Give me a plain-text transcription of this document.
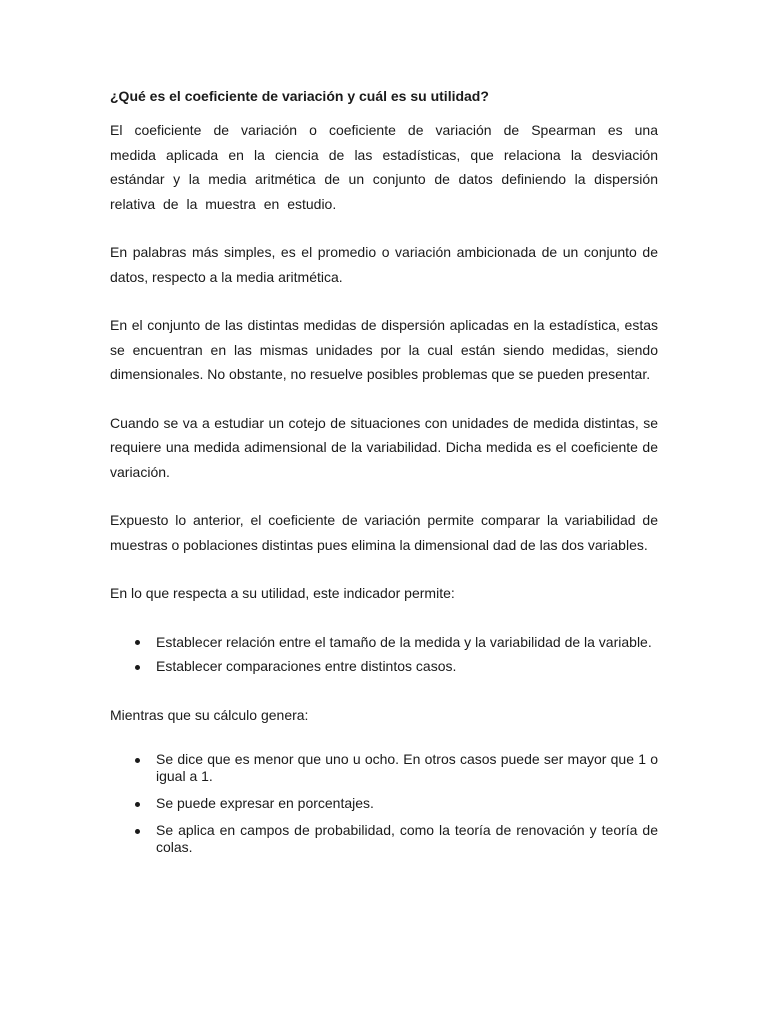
¿Qué es el coeficiente de variación y cuál es su utilidad?

El coeficiente de variación o coeficiente de variación de Spearman es una medida aplicada en la ciencia de las estadísticas, que relaciona la desviación estándar y la media aritmética de un conjunto de datos definiendo la dispersión relativa de la muestra en estudio.

En palabras más simples, es el promedio o variación ambicionada de un conjunto de datos, respecto a la media aritmética.

En el conjunto de las distintas medidas de dispersión aplicadas en la estadística, estas se encuentran en las mismas unidades por la cual están siendo medidas, siendo dimensionales. No obstante, no resuelve posibles problemas que se pueden presentar.

Cuando se va a estudiar un cotejo de situaciones con unidades de medida distintas, se requiere una medida adimensional de la variabilidad. Dicha medida es el coeficiente de variación.

Expuesto lo anterior, el coeficiente de variación permite comparar la variabilidad de muestras o poblaciones distintas pues elimina la dimensional dad de las dos variables.

En lo que respecta a su utilidad, este indicador permite:

Establecer relación entre el tamaño de la medida y la variabilidad de la variable.
Establecer comparaciones entre distintos casos.

Mientras que su cálculo genera:

Se dice que es menor que uno u ocho. En otros casos puede ser mayor que 1 o igual a 1.
Se puede expresar en porcentajes.
Se aplica en campos de probabilidad, como la teoría de renovación y teoría de colas.
